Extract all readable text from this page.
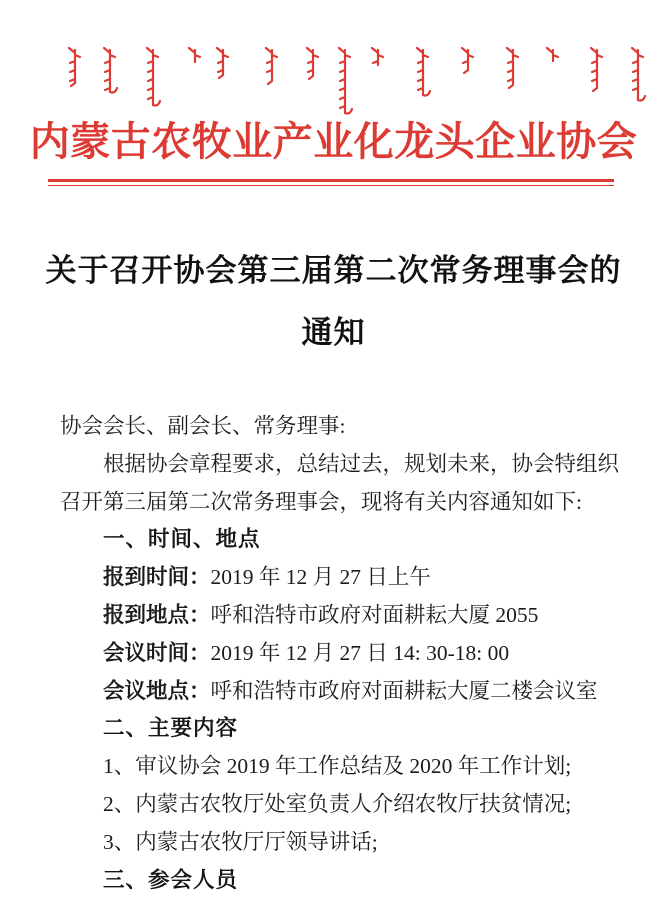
内蒙古农牧业产业化龙头企业协会
关于召开协会第三届第二次常务理事会的
通知

协会会长、副会长、常务理事:

根据协会章程要求，总结过去，规划未来，协会特组织

召开第三届第二次常务理事会，现将有关内容通知如下:

一、时间、地点

报到时间：2019 年 12 月 27 日上午

报到地点：呼和浩特市政府对面耕耘大厦 2055

会议时间：2019 年 12 月 27 日 14: 30-18: 00

会议地点：呼和浩特市政府对面耕耘大厦二楼会议室

二、主要内容

1、审议协会 2019 年工作总结及 2020 年工作计划;

2、内蒙古农牧厅处室负责人介绍农牧厅扶贫情况;

3、内蒙古农牧厅厅领导讲话;

三、参会人员
